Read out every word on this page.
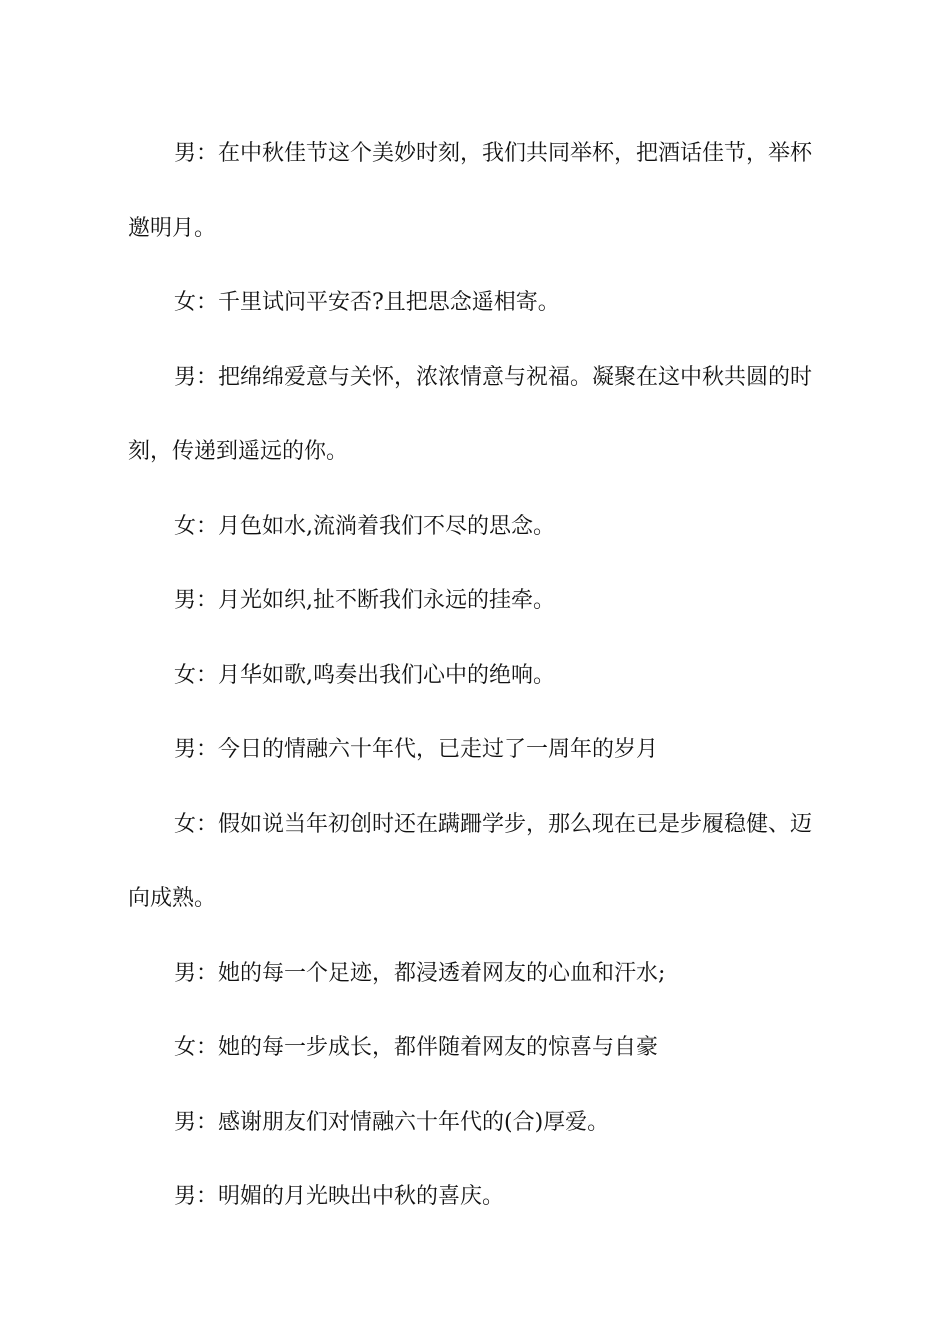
男：在中秋佳节这个美妙时刻，我们共同举杯，把酒话佳节，举杯邀明月。

女：千里试问平安否?且把思念遥相寄。

男：把绵绵爱意与关怀，浓浓情意与祝福。凝聚在这中秋共圆的时刻，传递到遥远的你。

女：月色如水,流淌着我们不尽的思念。

男：月光如织,扯不断我们永远的挂牵。

女：月华如歌,鸣奏出我们心中的绝响。

男：今日的情融六十年代，已走过了一周年的岁月

女：假如说当年初创时还在蹒跚学步，那么现在已是步履稳健、迈向成熟。

男：她的每一个足迹，都浸透着网友的心血和汗水;

女：她的每一步成长，都伴随着网友的惊喜与自豪

男：感谢朋友们对情融六十年代的(合)厚爱。

男：明媚的月光映出中秋的喜庆。
